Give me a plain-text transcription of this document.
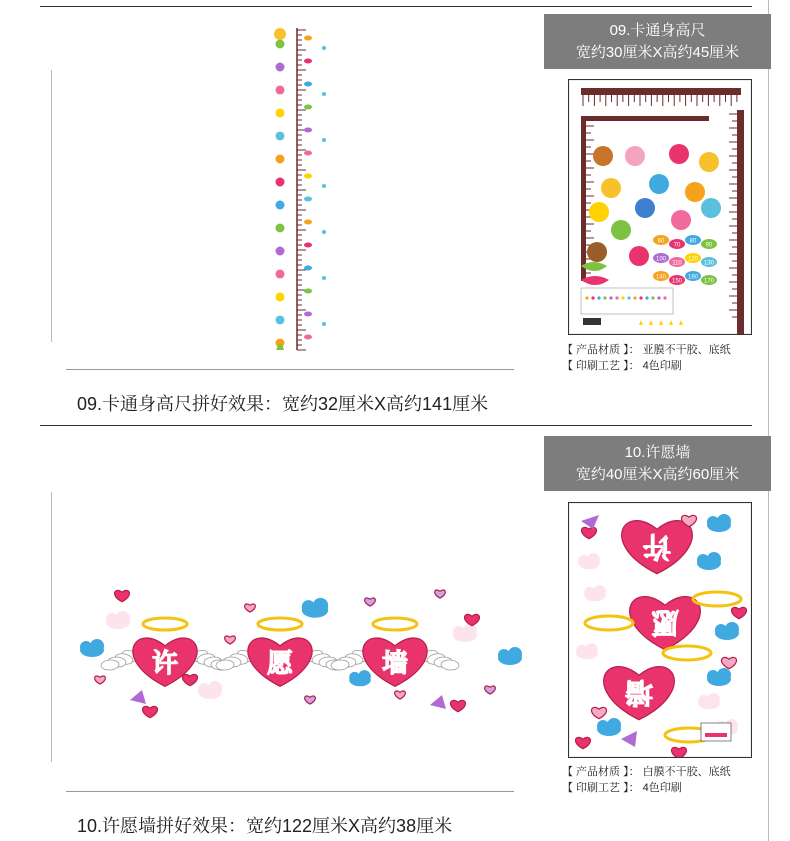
09.卡通身高尺拼好效果：宽约32厘米X高约141厘米
09.卡通身高尺
宽约30厘米X高约45厘米
60
70
80
90
100
110
120
130
140
150
160
170
【 产品材质 】： 亚膜不干胶、底纸
【 印刷工艺 】： 4色印刷
许	愿	墙
10.许愿墙拼好效果：宽约122厘米X高约38厘米
10.许愿墙
宽约40厘米X高约60厘米
许
愿
墙
【 产品材质 】： 白膜不干胶、底纸
【 印刷工艺 】： 4色印刷
